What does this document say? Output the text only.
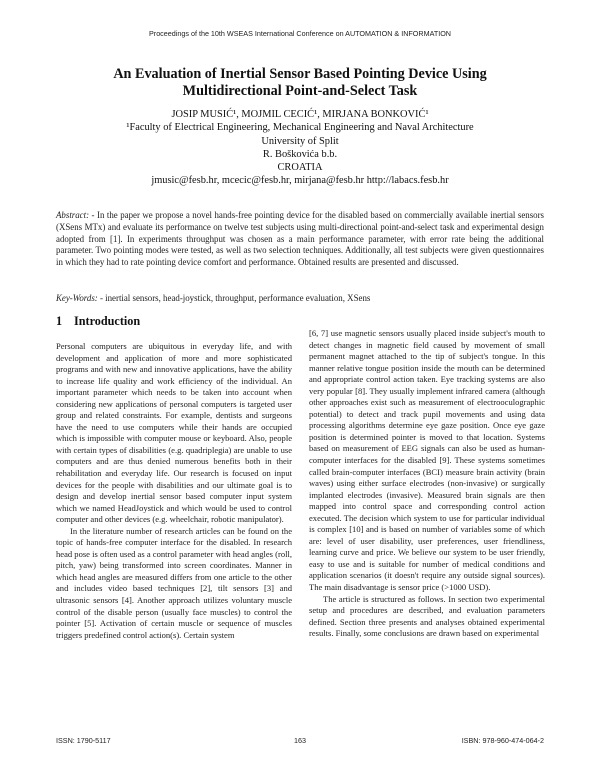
Proceedings of the 10th WSEAS International Conference on AUTOMATION & INFORMATION
An Evaluation of Inertial Sensor Based Pointing Device Using
Multidirectional Point-and-Select Task
JOSIP MUSIĆ¹, MOJMIL CECIĆ¹, MIRJANA BONKOVIĆ¹
¹Faculty of Electrical Engineering, Mechanical Engineering and Naval Architecture
University of Split
R. Boškovića b.b.
CROATIA
jmusic@fesb.hr, mcecic@fesb.hr, mirjana@fesb.hr http://labacs.fesb.hr
Abstract: - In the paper we propose a novel hands-free pointing device for the disabled based on commercially available inertial sensors (XSens MTx) and evaluate its performance on twelve test subjects using multi-directional point-and-select task and experimental design adopted from [1]. In experiments throughput was chosen as a main performance parameter, with error rate being the additional parameter. Two pointing modes were tested, as well as two selection techniques. Additionally, all test subjects were given questionnaires in which they had to rate pointing device comfort and performance. Obtained results are presented and discussed.
Key-Words: - inertial sensors, head-joystick, throughput, performance evaluation, XSens
1 Introduction

Personal computers are ubiquitous in everyday life, and with development and application of more and more sophisticated programs and with new and innovative applications, have the ability to increase life quality and work efficiency of the individual. An important parameter which needs to be taken into account when considering new applications of personal computers is targeted user group and related constraints. For example, dentists and surgeons have the need to use computers while their hands are occupied which is impossible with computer mouse or keyboard. Also, people with certain types of disabilities (e.g. quadriplegia) are unable to use computers and are thus denied numerous benefits both in their rehabilitation and everyday life. Our research is focused on input devices for the people with disabilities and our ultimate goal is to design and develop inertial sensor based computer input system which we named HeadJoystick and which would be used to control computer and other devices (e.g. wheelchair, robotic manipulator).

In the literature number of research articles can be found on the topic of hands-free computer interface for the disabled. In research head pose is often used as a control parameter with head angles (roll, pitch, yaw) being transformed into screen coordinates. Manner in which head angles are measured differs from one article to the other and includes video based techniques [2], tilt sensors [3] and ultrasonic sensors [4]. Another approach utilizes voluntary muscle control of the disable person (usually face muscles) to control the pointer [5]. Activation of certain muscle or sequence of muscles triggers predefined control action(s). Certain system

[6, 7] use magnetic sensors usually placed inside subject's mouth to detect changes in magnetic field caused by movement of small permanent magnet attached to the tip of subject's tongue. In this manner relative tongue position inside the mouth can be determined and appropriate control action taken. Eye tracking systems are also very popular [8]. They usually implement infrared camera (although other approaches exist such as measurement of electrooculographic potential) to detect and track pupil movements and using data processing algorithms determine eye gaze position. Once eye gaze position is determined pointer is moved to that location. Systems based on measurement of EEG signals can also be used as human-computer interfaces for the disabled [9]. These systems sometimes called brain-computer interfaces (BCI) measure brain activity (brain waves) using either surface electrodes (non-invasive) or surgically implanted electrodes (invasive). Measured brain signals are then mapped into control space and corresponding control action executed. The decision which system to use for particular individual is complex [10] and is based on number of variables some of which are: level of user disability, user preferences, user friendliness, learning curve and price. We believe our system to be user friendly, easy to use and is suitable for number of medical conditions and application scenarios (it doesn't require any outside signal sources). The main disadvantage is sensor price (>1000 USD).

The article is structured as follows. In section two experimental setup and procedures are described, and evaluation parameters defined. Section three presents and analyses obtained experimental results. Finally, some conclusions are drawn based on experimental

ISSN: 1790-5117	163	ISBN: 978-960-474-064-2
